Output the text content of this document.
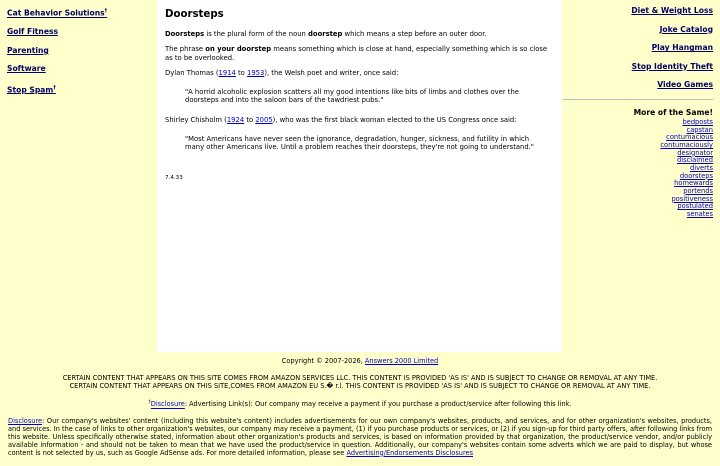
Cat Behavior Solutions†
Golf Fitness
Parenting
Software
Stop Spam†
Doorsteps

Doorsteps is the plural form of the noun doorstep which means a step before an outer door.

The phrase on your doorstep means something which is close at hand, especially something which is so close as to be overlooked.

Dylan Thomas (1914 to 1953), the Welsh poet and writer, once said:

"A horrid alcoholic explosion scatters all my good intentions like bits of limbs and clothes over the doorsteps and into the saloon bars of the tawdriest pubs."

Shirley Chisholm (1924 to 2005), who was the first black woman elected to the US Congress once said:

"Most Americans have never seen the ignorance, degradation, hunger, sickness, and futility in which many other Americans live. Until a problem reaches their doorsteps, they're not going to understand."
7.4.33
Diet & Weight Loss
Joke Catalog
Play Hangman
Stop Identity Theft
Video Games
More of the Same!
bedposts
capstan
contumacious
contumaciously
designator
disclaimed
diverts
doorsteps
homewards
portends
positiveness
postulated
senates

Copyright © 2007-2026, Answers 2000 Limited

CERTAIN CONTENT THAT APPEARS ON THIS SITE COMES FROM AMAZON SERVICES LLC. THIS CONTENT IS PROVIDED 'AS IS' AND IS SUBJECT TO CHANGE OR REMOVAL AT ANY TIME.
CERTAIN CONTENT THAT APPEARS ON THIS SITE,COMES FROM AMAZON EU S.� r.l. THIS CONTENT IS PROVIDED 'AS IS' AND IS SUBJECT TO CHANGE OR REMOVAL AT ANY TIME.

†Disclosure: Advertising Link(s): Our company may receive a payment if you purchase a product/service after following this link.

Disclosure: Our company's websites' content (including this website's content) includes advertisements for our own company's websites, products, and services, and for other organization's websites, products, and services. In the case of links to other organization's websites, our company may receive a payment, (1) if you purchase products or services, or (2) if you sign-up for third party offers, after following links from this website. Unless specifically otherwise stated, information about other organization's products and services, is based on information provided by that organization, the product/service vendor, and/or publicly available information - and should not be taken to mean that we have used the product/service in question. Additionally, our company's websites contain some adverts which we are paid to display, but whose content is not selected by us, such as Google AdSense ads. For more detailed information, please see Advertising/Endorsements Disclosures
